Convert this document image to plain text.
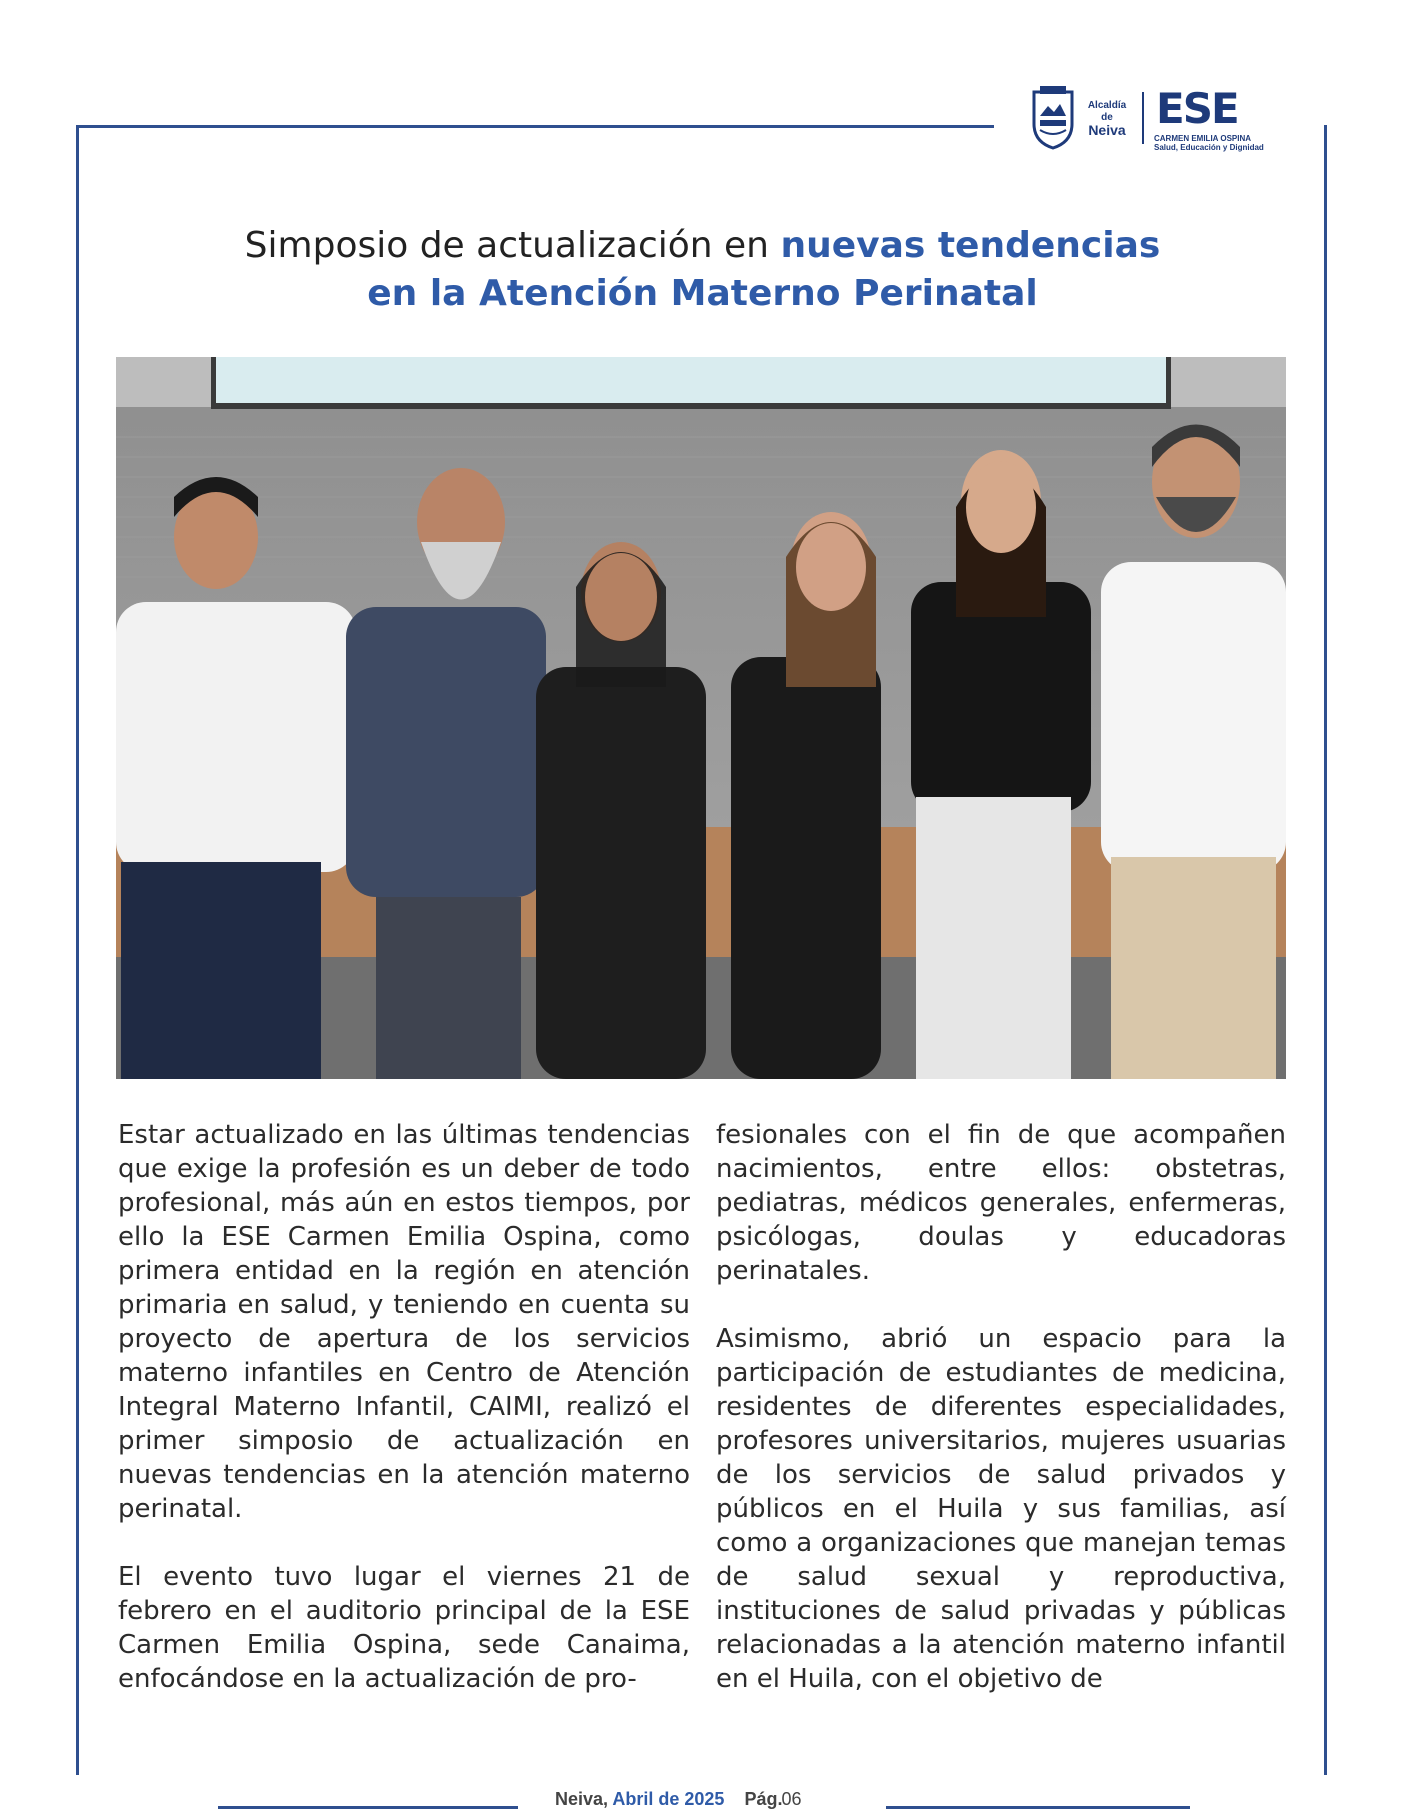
Alcaldía de
Neiva ESE
CARMEN EMILIA OSPINA
Salud, Educación y Dignidad
Simposio de actualización en nuevas tendencias
en la Atención Materno Perinatal

Estar actualizado en las últimas tendencias que exige la profesión es un deber de todo profesional, más aún en estos tiempos, por ello la ESE Carmen Emilia Ospina, como primera entidad en la región en atención primaria en salud, y teniendo en cuenta su proyecto de apertura de los servicios materno infantiles en Centro de Atención Integral Materno Infantil, CAIMI, realizó el primer simposio de actualización en nuevas tendencias en la atención materno perinatal.

El evento tuvo lugar el viernes 21 de febrero en el auditorio principal de la ESE Carmen Emilia Ospina, sede Canaima, enfocándose en la actualización de pro-

fesionales con el fin de que acompañen nacimientos, entre ellos: obstetras, pediatras, médicos generales, enfermeras, psicólogas, doulas y educadoras perinatales.

Asimismo, abrió un espacio para la participación de estudiantes de medicina, residentes de diferentes especialidades, profesores universitarios, mujeres usuarias de los servicios de salud privados y públicos en el Huila y sus familias, así como a organizaciones que manejan temas de salud sexual y reproductiva, instituciones de salud privadas y públicas relacionadas a la atención materno infantil en el Huila, con el objetivo de

Neiva, Abril de 2025 Pág. 06
